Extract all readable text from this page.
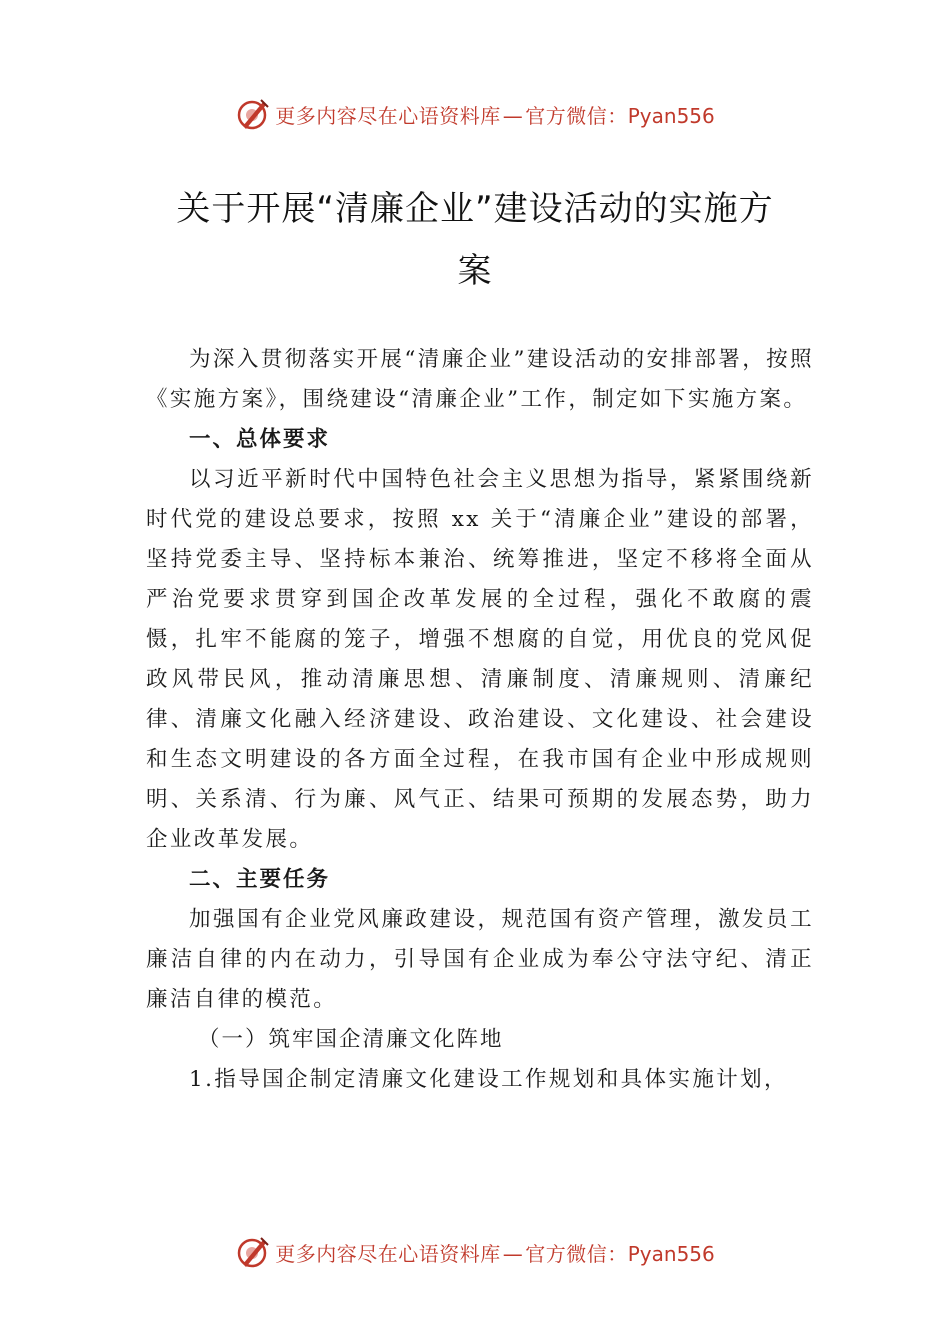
更多内容尽在心语资料库 — 官方微信：Pyan556
关于开展“清廉企业”建设活动的实施方
案

为深入贯彻落实开展“清廉企业”建设活动的安排部署，按照《实施方案》，围绕建设“清廉企业”工作，制定如下实施方案。

一、总体要求

以习近平新时代中国特色社会主义思想为指导，紧紧围绕新时代党的建设总要求，按照 xx 关于“清廉企业”建设的部署，坚持党委主导、坚持标本兼治、统筹推进，坚定不移将全面从严治党要求贯穿到国企改革发展的全过程，强化不敢腐的震慑，扎牢不能腐的笼子，增强不想腐的自觉，用优良的党风促政风带民风，推动清廉思想、清廉制度、清廉规则、清廉纪律、清廉文化融入经济建设、政治建设、文化建设、社会建设和生态文明建设的各方面全过程，在我市国有企业中形成规则明、关系清、行为廉、风气正、结果可预期的发展态势，助力企业改革发展。

二、主要任务

加强国有企业党风廉政建设，规范国有资产管理，激发员工廉洁自律的内在动力，引导国有企业成为奉公守法守纪、清正廉洁自律的模范。

（一）筑牢国企清廉文化阵地

1.指导国企制定清廉文化建设工作规划和具体实施计划，

更多内容尽在心语资料库 — 官方微信：Pyan556
